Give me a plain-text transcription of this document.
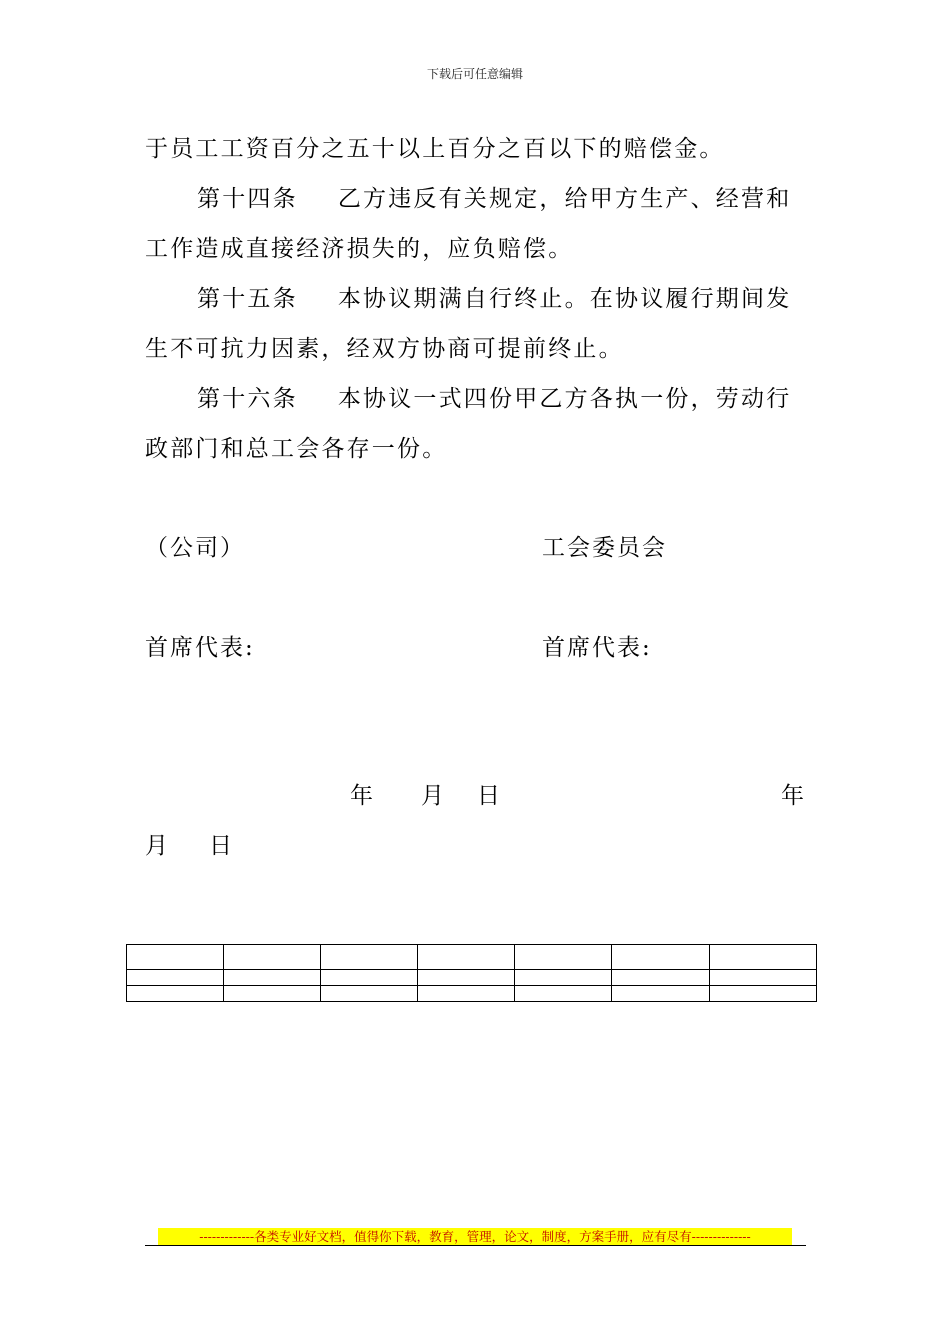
下载后可任意编辑
于员工工资百分之五十以上百分之百以下的赔偿金。
第十四条 乙方违反有关规定，给甲方生产、经营和
工作造成直接经济损失的，应负赔偿。
第十五条 本协议期满自行终止。在协议履行期间发
生不可抗力因素，经双方协商可提前终止。
第十六条 本协议一式四份甲乙方各执一份，劳动行
政部门和总工会各存一份。
（公司）	工会委员会
首席代表:	首席代表:
年 月 日	年
月 日

-------------各类专业好文档，值得你下载，教育，管理，论文，制度，方案手册，应有尽有--------------
